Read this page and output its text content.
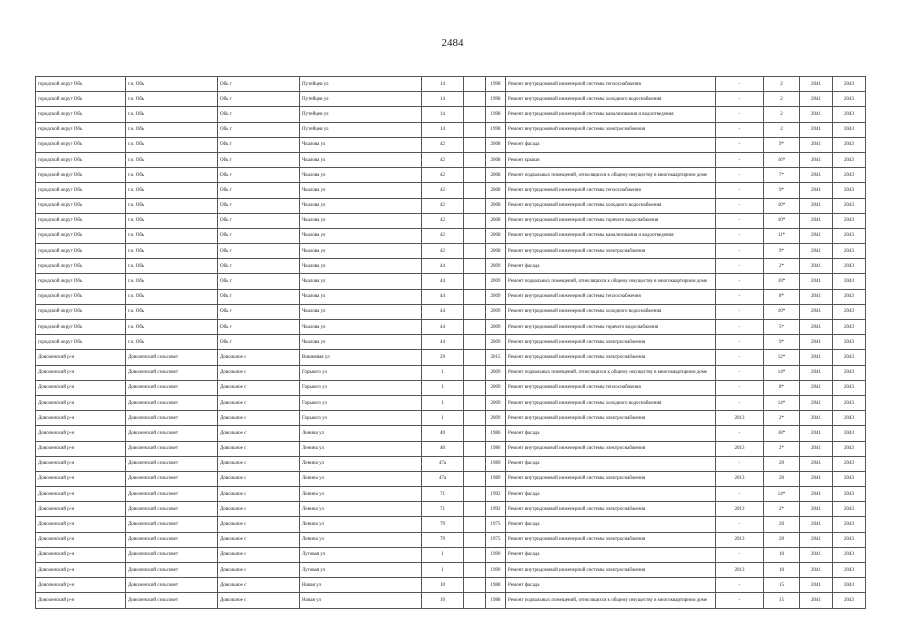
2484
городской округ Обь	г.о. Обь	Обь г	Путейцев ул	14		1998	Ремонт внутридомовой инженерной системы теплоснабжения	-	2	2041	2043
городской округ Обь	г.о. Обь	Обь г	Путейцев ул	14		1998	Ремонт внутридомовой инженерной системы холодного водоснабжения	-	2	2041	2043
городской округ Обь	г.о. Обь	Обь г	Путейцев ул	14		1998	Ремонт внутридомовой инженерной системы канализования и водоотведения	-	2	2041	2043
городской округ Обь	г.о. Обь	Обь г	Путейцев ул	14		1998	Ремонт внутридомовой инженерной системы электроснабжения	-	2	2041	2043
городской округ Обь	г.о. Обь	Обь г	Чкалова ул	42		2008	Ремонт фасада	-	9*	2041	2043
городской округ Обь	г.о. Обь	Обь г	Чкалова ул	42		2008	Ремонт крыши	-	16*	2041	2043
городской округ Обь	г.о. Обь	Обь г	Чкалова ул	42		2008	Ремонт подвальных помещений, относящихся к общему имуществу в многоквартирном доме	-	7*	2041	2043
городской округ Обь	г.о. Обь	Обь г	Чкалова ул	42		2008	Ремонт внутридомовой инженерной системы теплоснабжения	-	9*	2041	2043
городской округ Обь	г.о. Обь	Обь г	Чкалова ул	42		2008	Ремонт внутридомовой инженерной системы холодного водоснабжения	-	10*	2041	2043
городской округ Обь	г.о. Обь	Обь г	Чкалова ул	42		2008	Ремонт внутридомовой инженерной системы горячего водоснабжения	-	10*	2041	2043
городской округ Обь	г.о. Обь	Обь г	Чкалова ул	42		2008	Ремонт внутридомовой инженерной системы канализования и водоотведения	-	11*	2041	2043
городской округ Обь	г.о. Обь	Обь г	Чкалова ул	42		2008	Ремонт внутридомовой инженерной системы электроснабжения	-	9*	2041	2043
городской округ Обь	г.о. Обь	Обь г	Чкалова ул	44		2009	Ремонт фасада	-	2*	2041	2043
городской округ Обь	г.о. Обь	Обь г	Чкалова ул	44		2009	Ремонт подвальных помещений, относящихся к общему имуществу в многоквартирном доме	-	10*	2041	2043
городской округ Обь	г.о. Обь	Обь г	Чкалова ул	44		2009	Ремонт внутридомовой инженерной системы теплоснабжения	-	8*	2041	2043
городской округ Обь	г.о. Обь	Обь г	Чкалова ул	44		2009	Ремонт внутридомовой инженерной системы холодного водоснабжения	-	10*	2041	2043
городской округ Обь	г.о. Обь	Обь г	Чкалова ул	44		2009	Ремонт внутридомовой инженерной системы горячего водоснабжения	-	5*	2041	2043
городской округ Обь	г.о. Обь	Обь г	Чкалова ул	44		2009	Ремонт внутридомовой инженерной системы электроснабжения	-	9*	2041	2043
Доволенский р-н	Доволенский сельсовет	Довольное с	Вишневая ул	29		2015	Ремонт внутридомовой инженерной системы электроснабжения	-	12*	2041	2043
Доволенский р-н	Доволенский сельсовет	Довольное с	Горького ул	1		2009	Ремонт подвальных помещений, относящихся к общему имуществу в многоквартирном доме	-	14*	2041	2043
Доволенский р-н	Доволенский сельсовет	Довольное с	Горького ул	1		2009	Ремонт внутридомовой инженерной системы теплоснабжения	-	8*	2041	2043
Доволенский р-н	Доволенский сельсовет	Довольное с	Горького ул	1		2009	Ремонт внутридомовой инженерной системы холодного водоснабжения	-	14*	2041	2043
Доволенский р-н	Доволенский сельсовет	Довольное с	Горького ул	1		2009	Ремонт внутридомовой инженерной системы электроснабжения	2013	2*	2041	2043
Доволенский р-н	Доволенский сельсовет	Довольное с	Ленина ул	40		1986	Ремонт фасада	-	18*	2041	2043
Доволенский р-н	Доволенский сельсовет	Довольное с	Ленина ул	40		1986	Ремонт внутридомовой инженерной системы электроснабжения	2013	2*	2041	2043
Доволенский р-н	Доволенский сельсовет	Довольное с	Ленина ул	47а		1989	Ремонт фасада	-	20	2041	2043
Доволенский р-н	Доволенский сельсовет	Довольное с	Ленина ул	47а		1989	Ремонт внутридомовой инженерной системы электроснабжения	2013	20	2041	2043
Доволенский р-н	Доволенский сельсовет	Довольное с	Ленина ул	71		1992	Ремонт фасада	-	14*	2041	2043
Доволенский р-н	Доволенский сельсовет	Довольное с	Ленина ул	71		1992	Ремонт внутридомовой инженерной системы электроснабжения	2013	2*	2041	2043
Доволенский р-н	Доволенский сельсовет	Довольное с	Ленина ул	79		1975	Ремонт фасада	-	20	2041	2043
Доволенский р-н	Доволенский сельсовет	Довольное с	Ленина ул	79		1975	Ремонт внутридомовой инженерной системы электроснабжения	2013	20	2041	2043
Доволенский р-н	Доволенский сельсовет	Довольное с	Луговая ул	1		1990	Ремонт фасада	-	10	2041	2043
Доволенский р-н	Доволенский сельсовет	Довольное с	Луговая ул	1		1990	Ремонт внутридомовой инженерной системы электроснабжения	2013	10	2041	2043
Доволенский р-н	Доволенский сельсовет	Довольное с	Новая ул	10		1988	Ремонт фасада	-	15	2041	2043
Доволенский р-н	Доволенский сельсовет	Довольное с	Новая ул	10		1988	Ремонт подвальных помещений, относящихся к общему имуществу в многоквартирном доме	-	15	2041	2043
